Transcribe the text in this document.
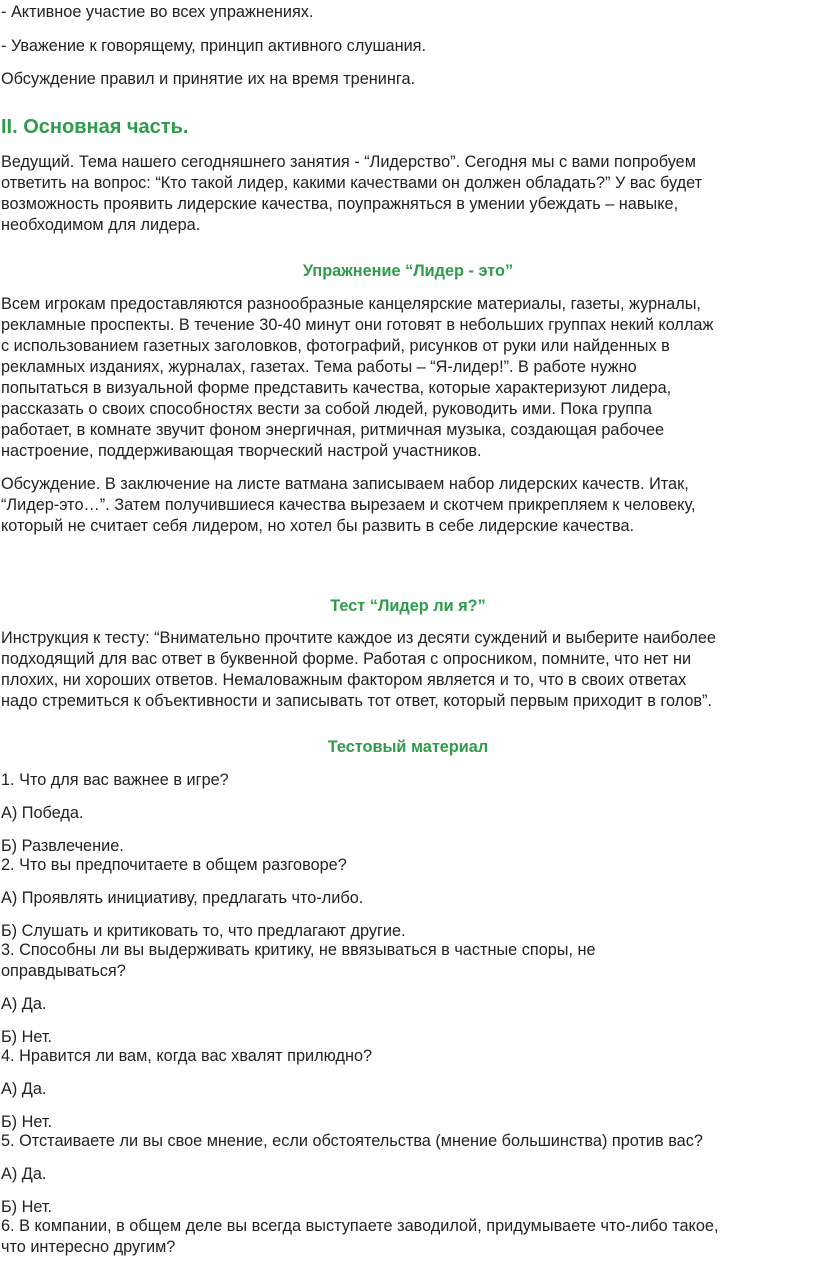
- Активное участие во всех упражнениях.

- Уважение к говорящему, принцип активного слушания.

Обсуждение правил и принятие их на время тренинга.

II. Основная часть.

Ведущий. Тема нашего сегодняшнего занятия - “Лидерство”. Сегодня мы с вами попробуем

ответить на вопрос: “Кто такой лидер, какими качествами он должен обладать?” У вас будет

возможность проявить лидерские качества, поупражняться в умении убеждать – навыке,

необходимом для лидера.

Упражнение “Лидер - это”

Всем игрокам предоставляются разнообразные канцелярские материалы, газеты, журналы,

рекламные проспекты. В течение 30-40 минут они готовят в небольших группах некий коллаж

с использованием газетных заголовков, фотографий, рисунков от руки или найденных в

рекламных изданиях, журналах, газетах. Тема работы – “Я-лидер!”. В работе нужно

попытаться в визуальной форме представить качества, которые характеризуют лидера,

рассказать о своих способностях вести за собой людей, руководить ими. Пока группа

работает, в комнате звучит фоном энергичная, ритмичная музыка, создающая рабочее

настроение, поддерживающая творческий настрой участников.

Обсуждение. В заключение на листе ватмана записываем набор лидерских качеств. Итак,

“Лидер-это…”. Затем получившиеся качества вырезаем и скотчем прикрепляем к человеку,

который не считает себя лидером, но хотел бы развить в себе лидерские качества.

Тест “Лидер ли я?”

Инструкция к тесту: “Внимательно прочтите каждое из десяти суждений и выберите наиболее

подходящий для вас ответ в буквенной форме. Работая с опросником, помните, что нет ни

плохих, ни хороших ответов. Немаловажным фактором является и то, что в своих ответах

надо стремиться к объективности и записывать тот ответ, который первым приходит в голов”.

Тестовый материал

1. Что для вас важнее в игре?

А) Победа.

Б) Развлечение.

2. Что вы предпочитаете в общем разговоре?

А) Проявлять инициативу, предлагать что-либо.

Б) Слушать и критиковать то, что предлагают другие.

3. Способны ли вы выдерживать критику, не ввязываться в частные споры, не

оправдываться?

А) Да.

Б) Нет.

4. Нравится ли вам, когда вас хвалят прилюдно?

А) Да.

Б) Нет.

5. Отстаиваете ли вы свое мнение, если обстоятельства (мнение большинства) против вас?

А) Да.

Б) Нет.

6. В компании, в общем деле вы всегда выступаете заводилой, придумываете что-либо такое,

что интересно другим?
